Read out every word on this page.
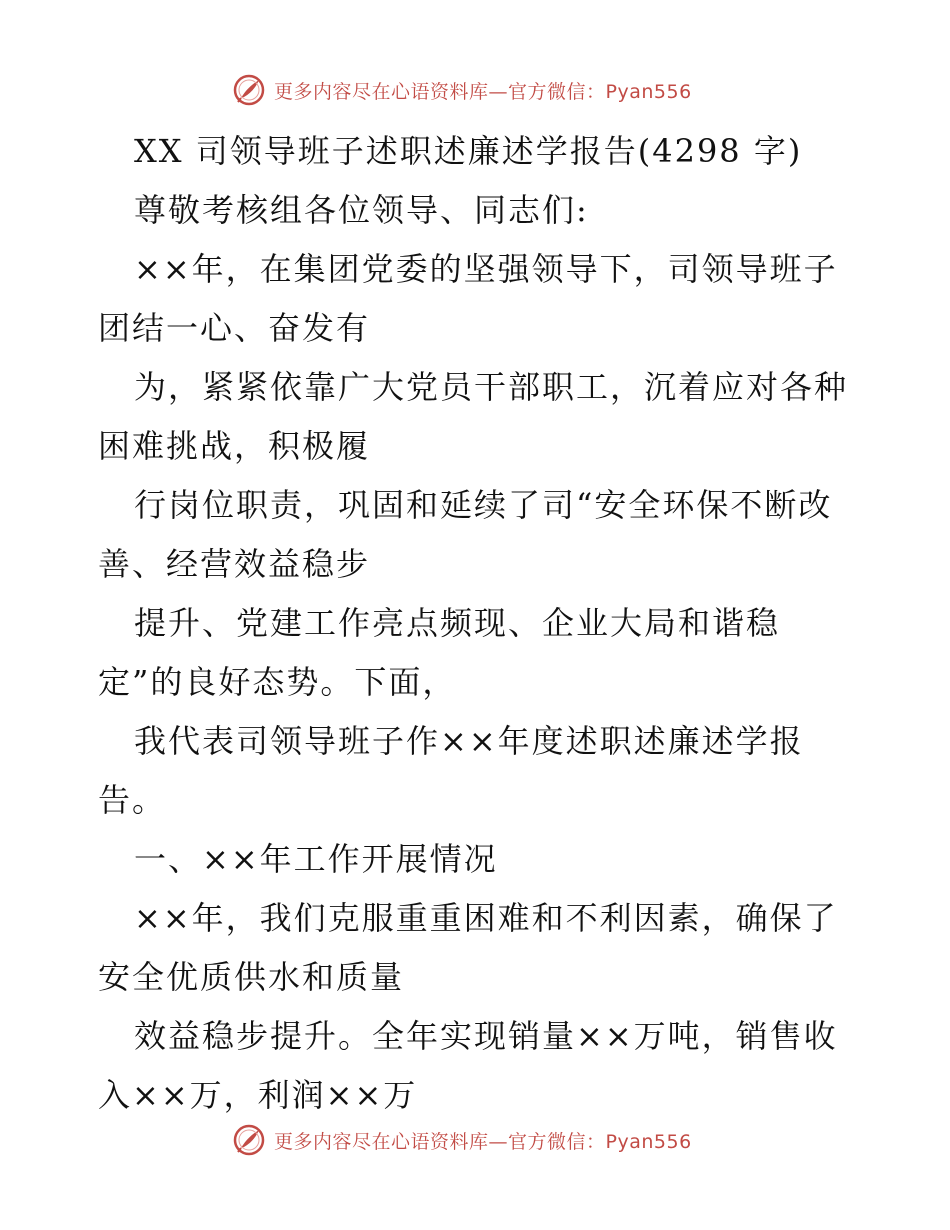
更多内容尽在心语资料库—官方微信：Pyan556

XX 司领导班子述职述廉述学报告(4298 字)

尊敬考核组各位领导、同志们:

××年，在集团党委的坚强领导下，司领导班子

团结一心、奋发有

为，紧紧依靠广大党员干部职工，沉着应对各种

困难挑战，积极履

行岗位职责，巩固和延续了司“安全环保不断改

善、经营效益稳步

提升、党建工作亮点频现、企业大局和谐稳

定”的良好态势。下面，

我代表司领导班子作××年度述职述廉述学报

告。

一、××年工作开展情况

××年，我们克服重重困难和不利因素，确保了

安全优质供水和质量

效益稳步提升。全年实现销量××万吨，销售收

入××万，利润××万

更多内容尽在心语资料库—官方微信：Pyan556
